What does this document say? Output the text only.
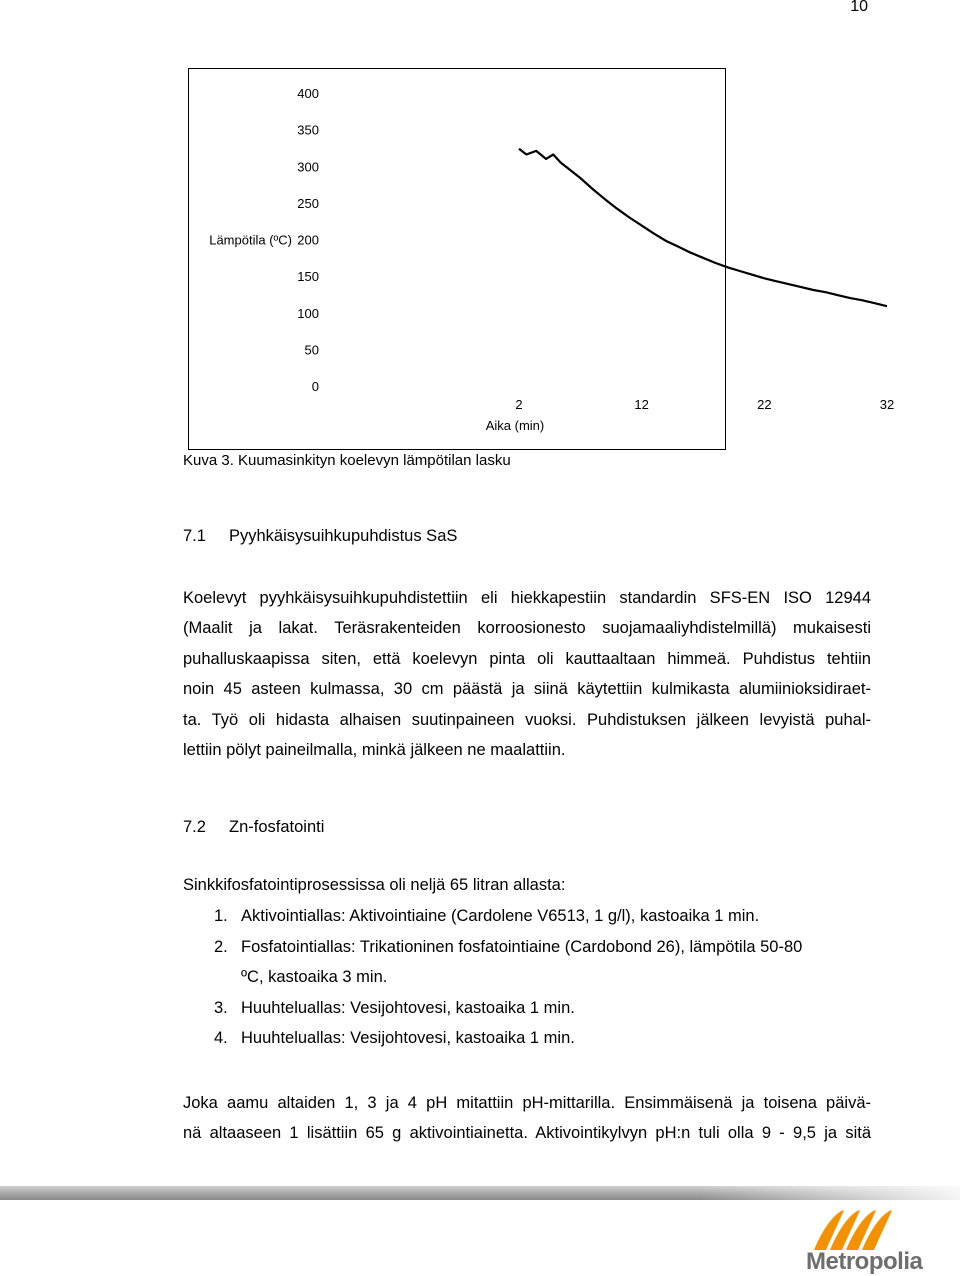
10
0
50
100
150
200
250
300
350
400
2	12	22	32
Lämpötila (ºC)
Aika (min)
Kuva 3. Kuumasinkityn koelevyn lämpötilan lasku
7.1 Pyyhkäisysuihkupuhdistus SaS
Koelevyt pyyhkäisysuihkupuhdistettiin eli hiekkapestiin standardin SFS-EN ISO 12944
(Maalit ja lakat. Teräsrakenteiden korroosionesto suojamaaliyhdistelmillä) mukaisesti
puhalluskaapissa siten, että koelevyn pinta oli kauttaaltaan himmeä. Puhdistus tehtiin
noin 45 asteen kulmassa, 30 cm päästä ja siinä käytettiin kulmikasta alumiinioksidiraet-
ta. Työ oli hidasta alhaisen suutinpaineen vuoksi. Puhdistuksen jälkeen levyistä puhal-
lettiin pölyt paineilmalla, minkä jälkeen ne maalattiin.
7.2 Zn-fosfatointi
Sinkkifosfatointiprosessissa oli neljä 65 litran allasta:
1. Aktivointiallas: Aktivointiaine (Cardolene V6513, 1 g/l), kastoaika 1 min.
2. Fosfatointiallas: Trikationinen fosfatointiaine (Cardobond 26), lämpötila 50-80
ºC, kastoaika 3 min.
3. Huuhteluallas: Vesijohtovesi, kastoaika 1 min.
4. Huuhteluallas: Vesijohtovesi, kastoaika 1 min.
Joka aamu altaiden 1, 3 ja 4 pH mitattiin pH-mittarilla. Ensimmäisenä ja toisena päivä-
nä altaaseen 1 lisättiin 65 g aktivointiainetta. Aktivointikylvyn pH:n tuli olla 9 - 9,5 ja sitä
Metropolia
